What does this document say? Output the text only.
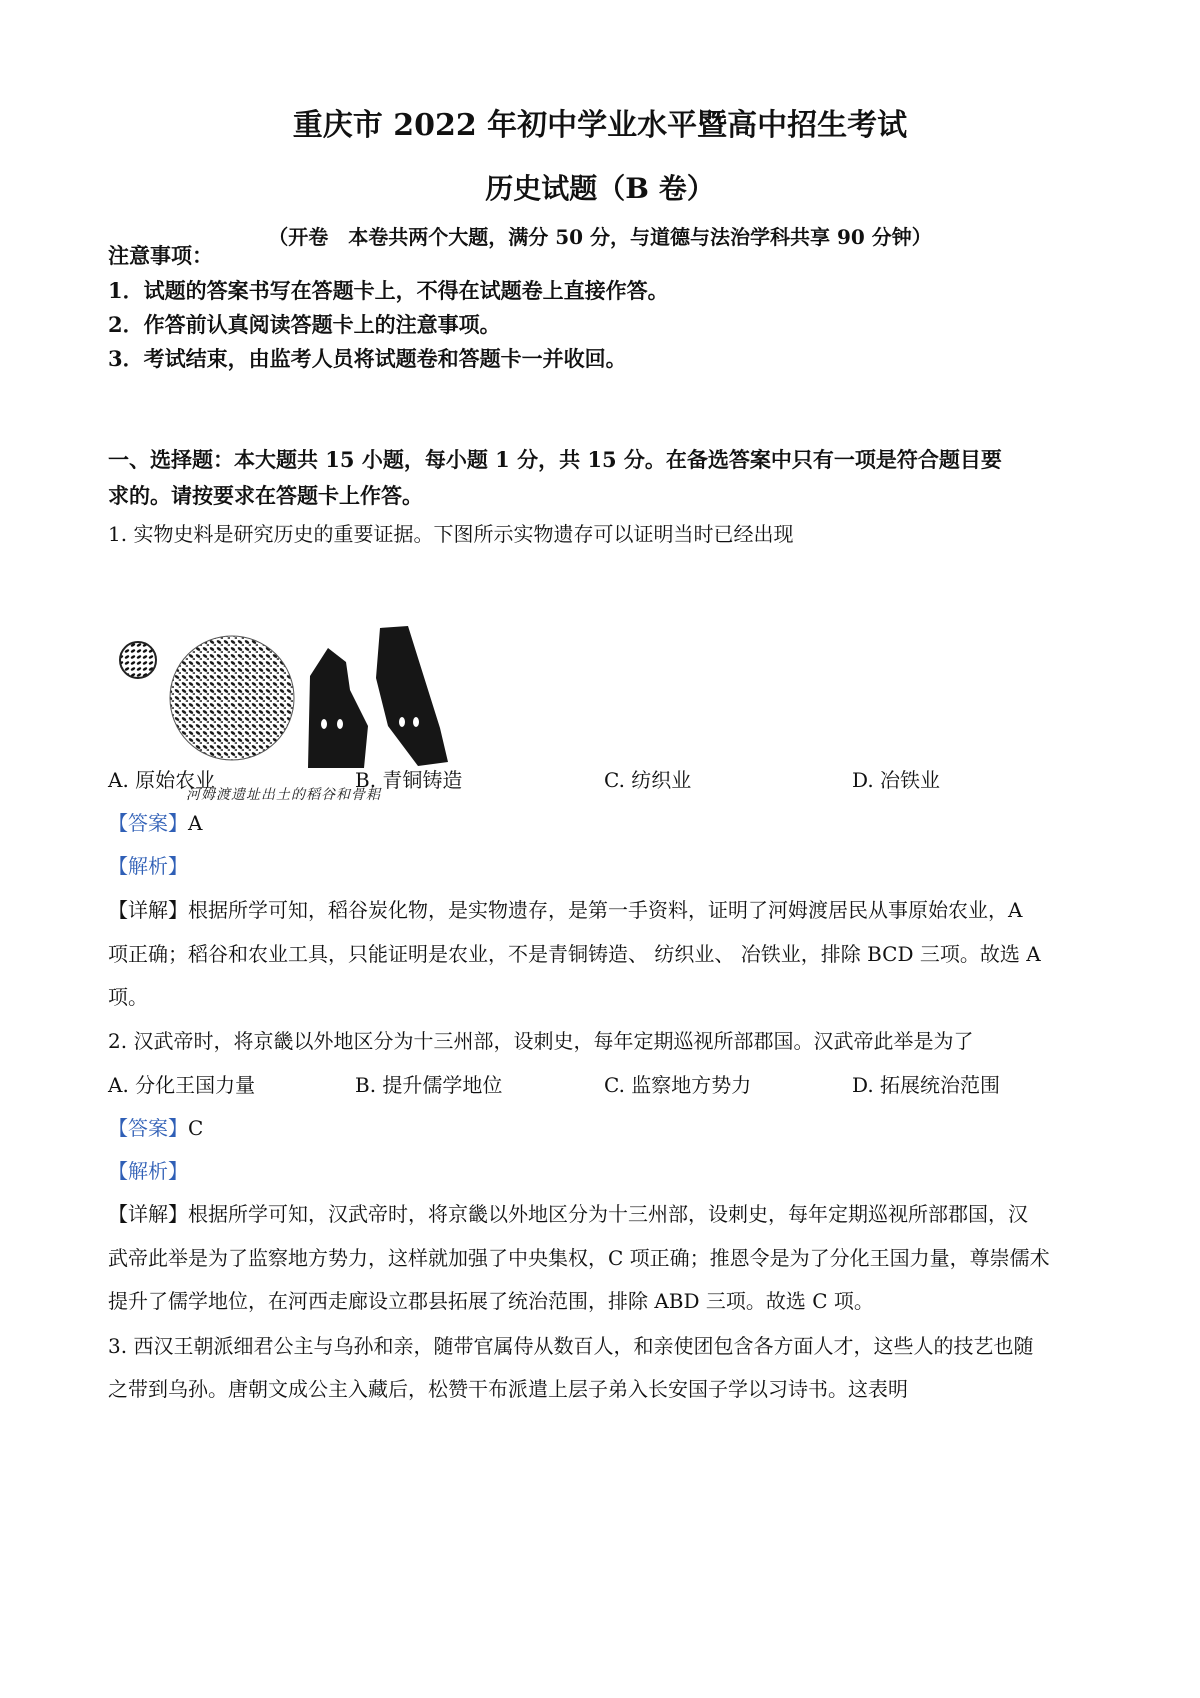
重庆市 2022 年初中学业水平暨高中招生考试
历史试题（B 卷）
（开卷　本卷共两个大题，满分 50 分，与道德与法治学科共享 90 分钟）
注意事项：
1．试题的答案书写在答题卡上，不得在试题卷上直接作答。
2．作答前认真阅读答题卡上的注意事项。
3．考试结束，由监考人员将试题卷和答题卡一并收回。
一、选择题：本大题共 15 小题，每小题 1 分，共 15 分。在备选答案中只有一项是符合题目要
求的。请按要求在答题卡上作答。
1. 实物史料是研究历史的重要证据。下图所示实物遗存可以证明当时已经出现
河姆渡遗址出土的稻谷和骨耜
A. 原始农业	B. 青铜铸造	C. 纺织业	D. 冶铁业
【答案】A
【解析】
【详解】根据所学可知，稻谷炭化物，是实物遗存，是第一手资料，证明了河姆渡居民从事原始农业，A
项正确；稻谷和农业工具，只能证明是农业，不是青铜铸造、 纺织业、 冶铁业，排除 BCD 三项。故选 A
项。
2. 汉武帝时，将京畿以外地区分为十三州部，设刺史，每年定期巡视所部郡国。汉武帝此举是为了
A. 分化王国力量	B. 提升儒学地位	C. 监察地方势力	D. 拓展统治范围
【答案】C
【解析】
【详解】根据所学可知，汉武帝时，将京畿以外地区分为十三州部，设刺史，每年定期巡视所部郡国，汉
武帝此举是为了监察地方势力，这样就加强了中央集权，C 项正确；推恩令是为了分化王国力量，尊崇儒术
提升了儒学地位，在河西走廊设立郡县拓展了统治范围，排除 ABD 三项。故选 C 项。
3. 西汉王朝派细君公主与乌孙和亲，随带官属侍从数百人，和亲使团包含各方面人才，这些人的技艺也随
之带到乌孙。唐朝文成公主入藏后，松赞干布派遣上层子弟入长安国子学以习诗书。这表明
